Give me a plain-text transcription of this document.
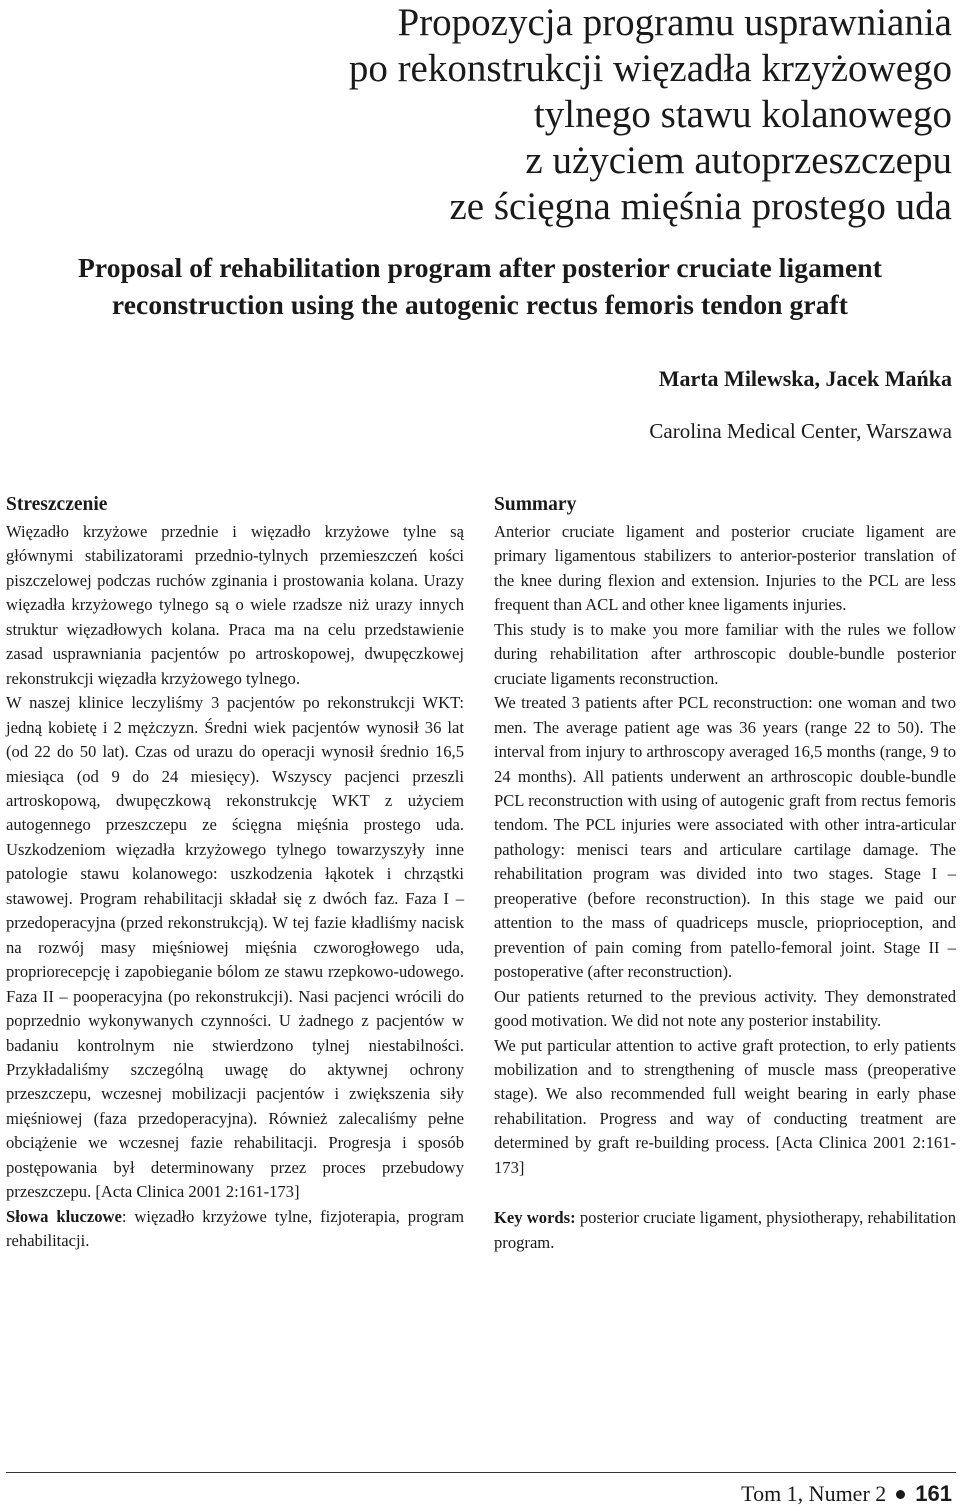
Propozycja programu usprawniania
po rekonstrukcji więzadła krzyżowego
tylnego stawu kolanowego
z użyciem autoprzeszczepu
ze ścięgna mięśnia prostego uda
Proposal of rehabilitation program after posterior cruciate ligament
reconstruction using the autogenic rectus femoris tendon graft

Marta Milewska, Jacek Mańka

Carolina Medical Center, Warszawa

Streszczenie

Więzadło krzyżowe przednie i więzadło krzyżowe tylne są głównymi stabilizatorami przednio-tylnych przemieszczeń kości piszczelowej podczas ruchów zginania i prostowania kolana. Urazy więzadła krzyżowego tylnego są o wiele rzadsze niż urazy innych struktur więzadłowych kolana. Praca ma na celu przedstawienie zasad usprawniania pacjentów po artroskopowej, dwupęczkowej rekonstrukcji więzadła krzyżowego tylnego.

W naszej klinice leczyliśmy 3 pacjentów po rekonstrukcji WKT: jedną kobietę i 2 mężczyzn. Średni wiek pacjentów wynosił 36 lat (od 22 do 50 lat). Czas od urazu do operacji wynosił średnio 16,5 miesiąca (od 9 do 24 miesięcy). Wszyscy pacjenci przeszli artroskopową, dwupęczkową rekonstrukcję WKT z użyciem autogennego przeszczepu ze ścięgna mięśnia prostego uda. Uszkodzeniom więzadła krzyżowego tylnego towarzyszyły inne patologie stawu kolanowego: uszkodzenia łąkotek i chrząstki stawowej. Program rehabilitacji składał się z dwóch faz. Faza I – przedoperacyjna (przed rekonstrukcją). W tej fazie kładliśmy nacisk na rozwój masy mięśniowej mięśnia czworogłowego uda, propriorecepcję i zapobieganie bólom ze stawu rzepkowo-udowego. Faza II – pooperacyjna (po rekonstrukcji). Nasi pacjenci wrócili do poprzednio wykonywanych czynności. U żadnego z pacjentów w badaniu kontrolnym nie stwierdzono tylnej niestabilności. Przykładaliśmy szczególną uwagę do aktywnej ochrony przeszczepu, wczesnej mobilizacji pacjentów i zwiększenia siły mięśniowej (faza przedoperacyjna). Również zalecaliśmy pełne obciążenie we wczesnej fazie rehabilitacji. Progresja i sposób postępowania był determinowany przez proces przebudowy przeszczepu. [Acta Clinica 2001 2:161-173]

Słowa kluczowe: więzadło krzyżowe tylne, fizjoterapia, program rehabilitacji.

Summary

Anterior cruciate ligament and posterior cruciate ligament are primary ligamentous stabilizers to anterior-posterior translation of the knee during flexion and extension. Injuries to the PCL are less frequent than ACL and other knee ligaments injuries.

This study is to make you more familiar with the rules we follow during rehabilitation after arthroscopic double-bundle posterior cruciate ligaments reconstruction.

We treated 3 patients after PCL reconstruction: one woman and two men. The average patient age was 36 years (range 22 to 50). The interval from injury to arthroscopy averaged 16,5 months (range, 9 to 24 months). All patients underwent an arthroscopic double-bundle PCL reconstruction with using of autogenic graft from rectus femoris tendom. The PCL injuries were associated with other intra-articular pathology: menisci tears and articulare cartilage damage. The rehabilitation program was divided into two stages. Stage I – preoperative (before reconstruction). In this stage we paid our attention to the mass of quadriceps muscle, priopriocеption, and prevention of pain coming from patello-femoral joint. Stage II – postoperative (after reconstruction).

Our patients returned to the previous activity. They demonstrated good motivation. We did not note any posterior instability.

We put particular attention to active graft protection, to erly patients mobilization and to strengthening of muscle mass (preoperative stage). We also recommended full weight bearing in early phase rehabilitation. Progress and way of conducting treatment are determined by graft re-building process. [Acta Clinica 2001 2:161-173]

Key words: posterior cruciate ligament, physiotherapy, rehabilitation program.

Tom 1, Numer 2 161
